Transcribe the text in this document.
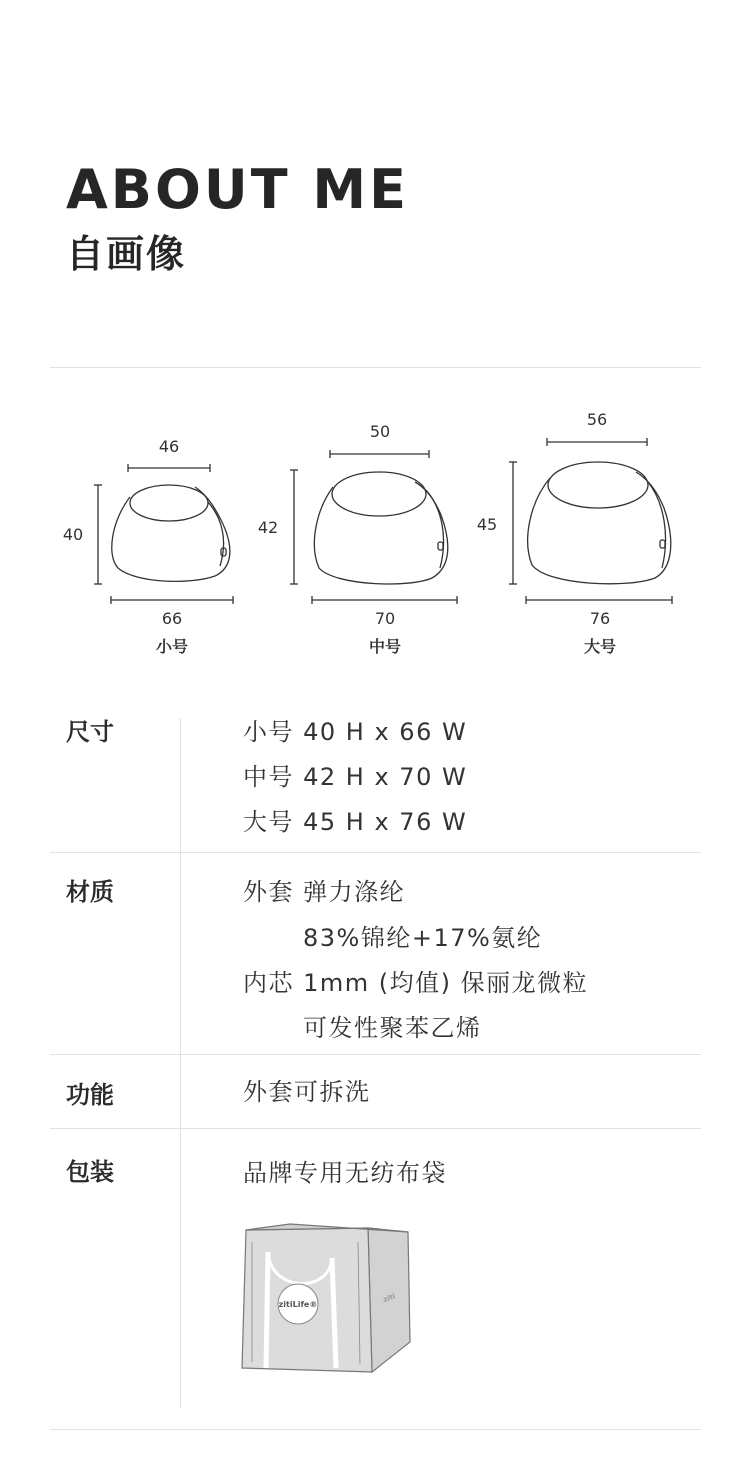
ABOUT ME
自画像
46
40
66
小号
50
42
70
中号
56
45
76
大号
尺寸	小号 40 H x 66 W
中号 42 H x 70 W
大号 45 H x 76 W
材质	外套 弹力涤纶
83%锦纶+17%氨纶
内芯 1mm (均值) 保丽龙微粒
可发性聚苯乙烯
功能	外套可拆洗
包装	品牌专用无纺布袋
zitiLife®
ziti
